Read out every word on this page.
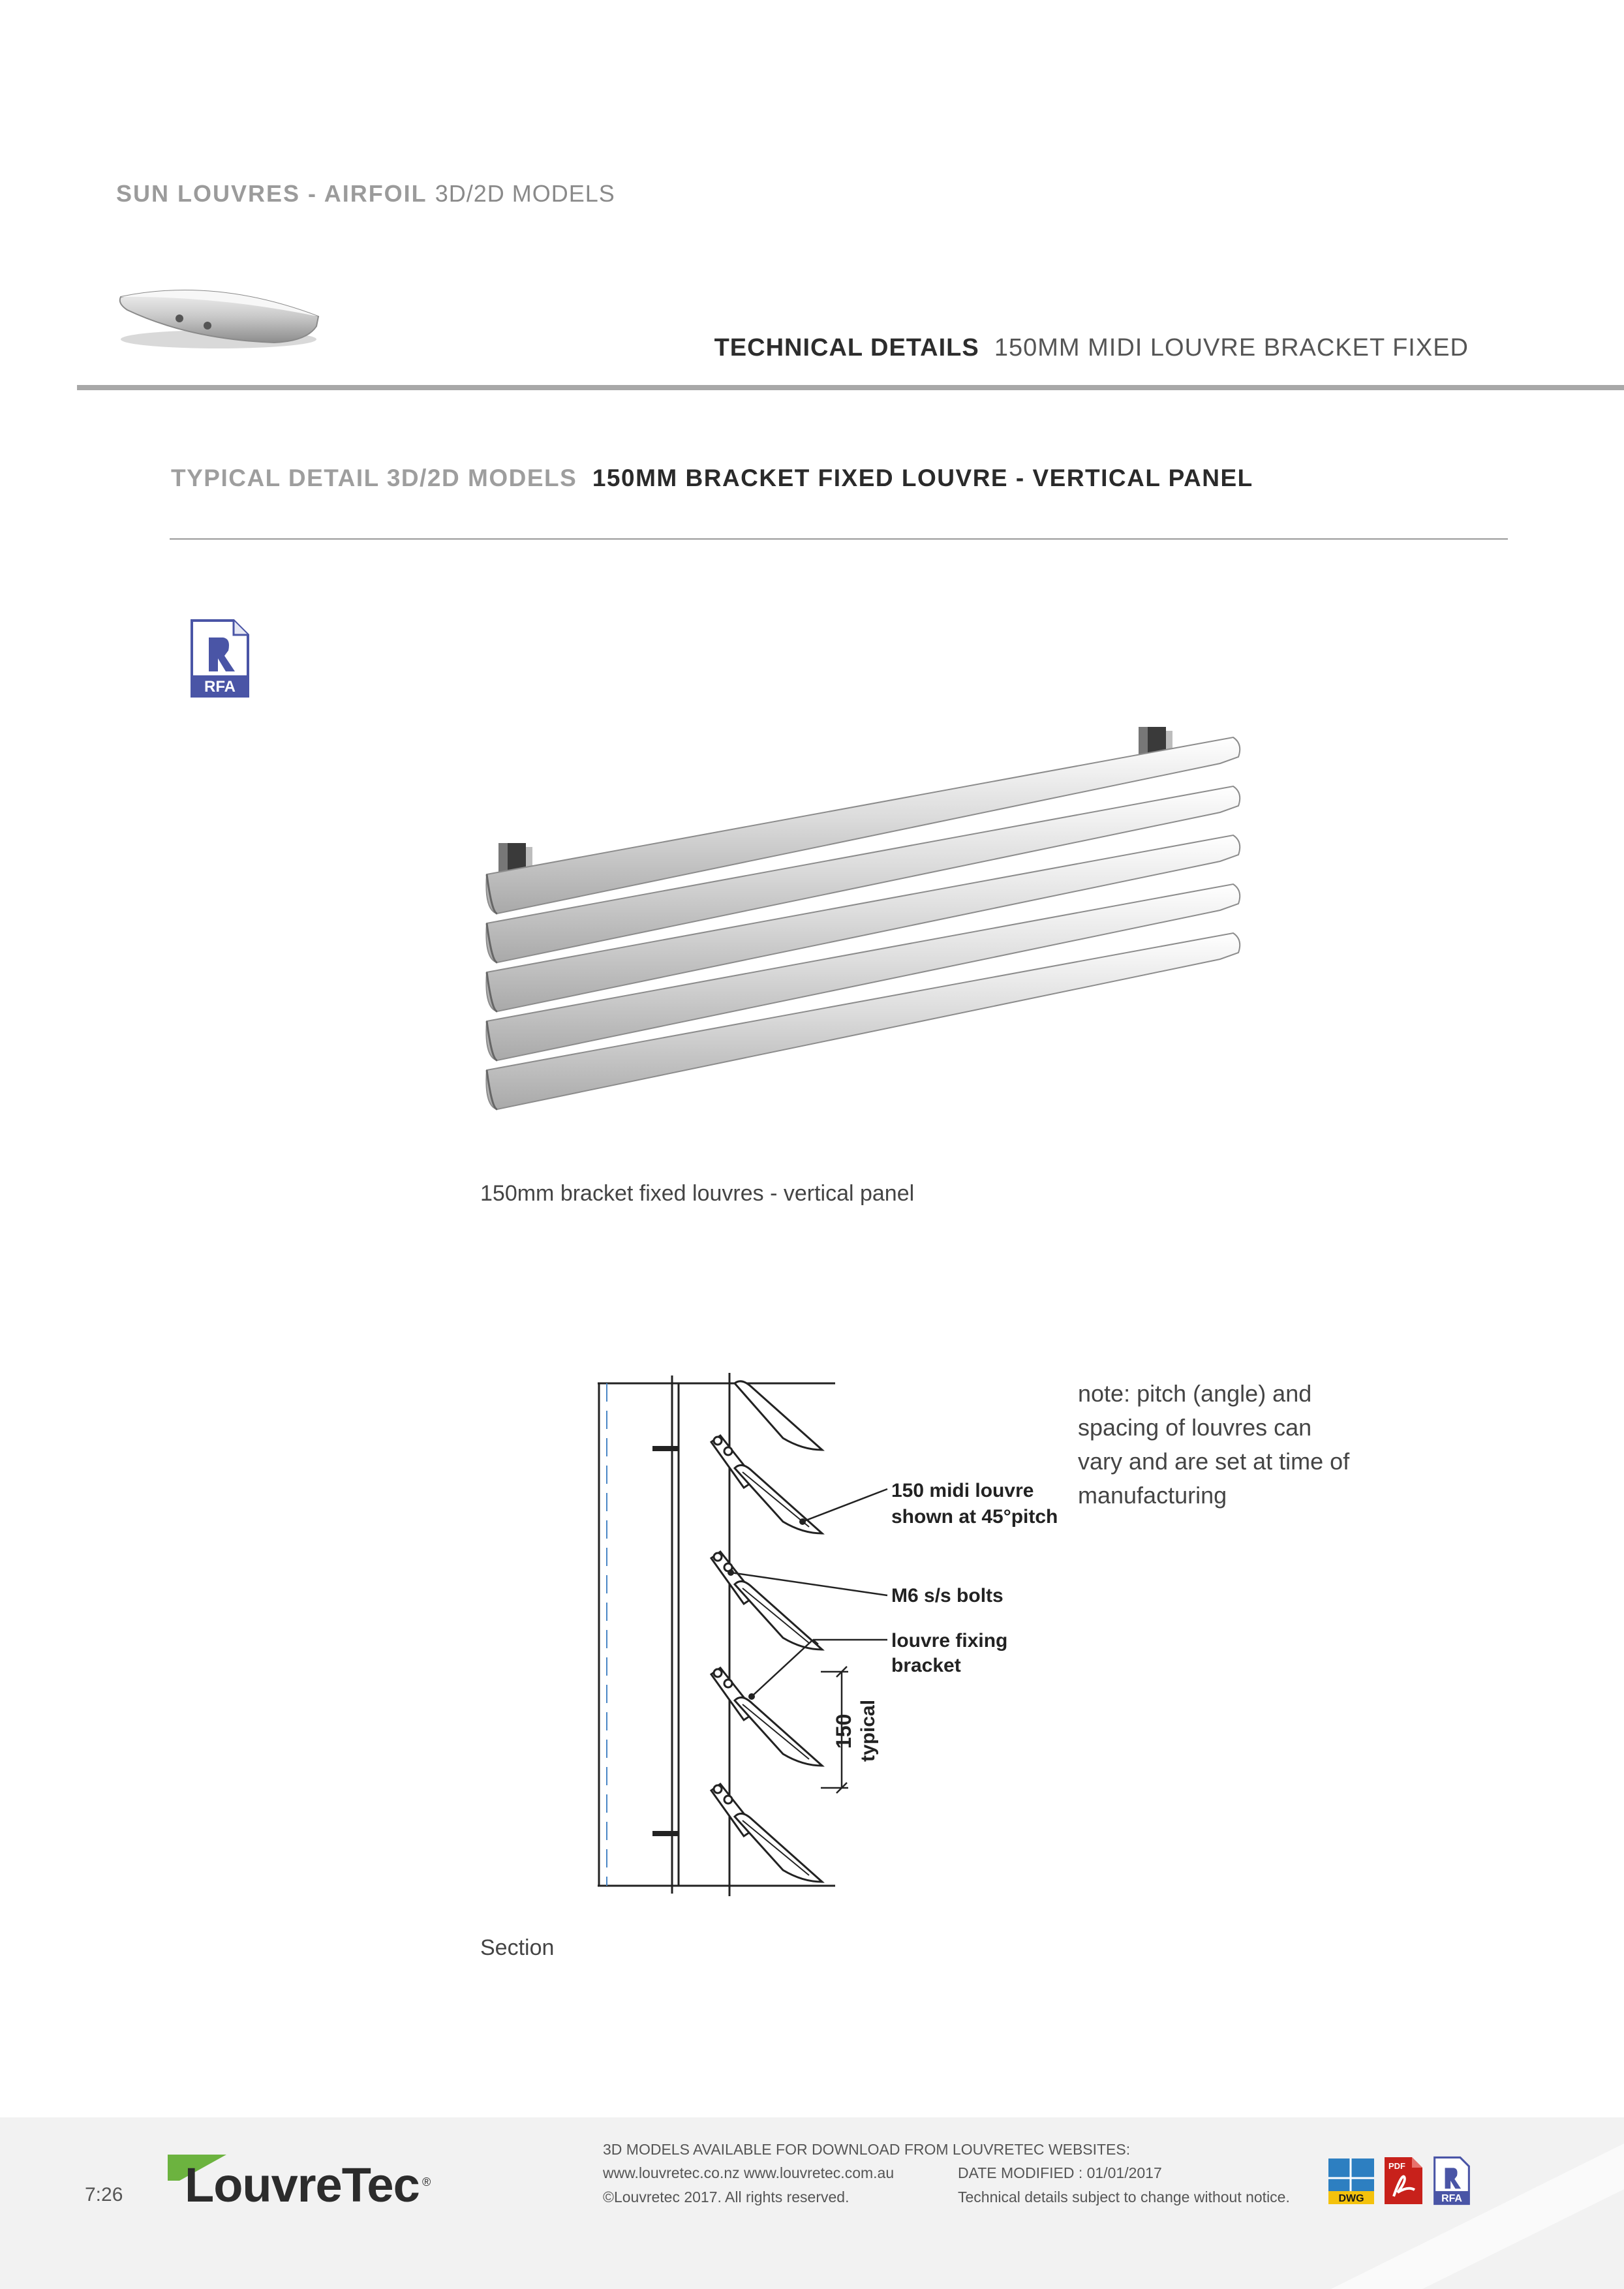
SUN LOUVRES - AIRFOIL 3D/2D MODELS
TECHNICAL DETAILS 150MM MIDI LOUVRE BRACKET FIXED
TYPICAL DETAIL 3D/2D MODELS 150MM BRACKET FIXED LOUVRE - VERTICAL PANEL
RFA
150mm bracket fixed louvres - vertical panel
150 midi louvre
shown at 45°pitch
M6 s/s bolts
louvre fixing
bracket
150 typical
note: pitch (angle) and spacing of louvres can vary and are set at time of manufacturing
Section
7:26 LouvreTec ®
3D MODELS AVAILABLE FOR DOWNLOAD FROM LOUVRETEC WEBSITES:
www.louvretec.co.nz www.louvretec.com.au	DATE MODIFIED : 01/01/2017
©Louvretec 2017. All rights reserved.	Technical details subject to change without notice.	DWG
PDF
RFA
